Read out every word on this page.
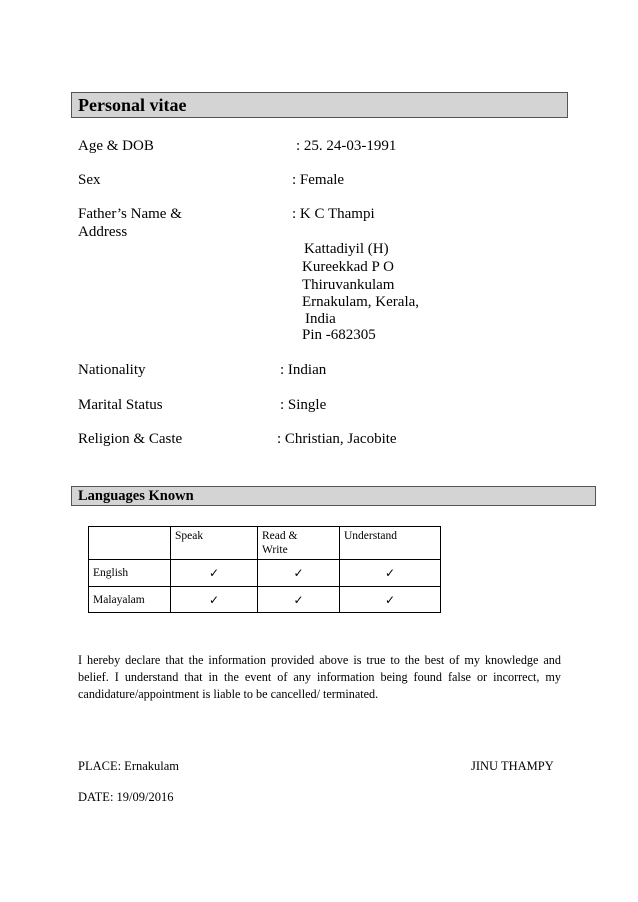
Personal vitae
Age & DOB	: 25. 24-03-1991
Sex	: Female
Father’s Name &
Address
: K C Thampi
Kattadiyil (H)
Kureekkad P O
Thiruvankulam
Ernakulam, Kerala,
India
Pin -682305
Nationality	: Indian
Marital Status	: Single
Religion & Caste	: Christian, Jacobite
Languages Known
	Speak	Read & Write	Understand
English	✓	✓	✓
Malayalam	✓	✓	✓
I hereby declare that the information provided above is true to the best of my knowledge and belief. I understand that in the event of any information being found false or incorrect, my candidature/appointment is liable to be cancelled/ terminated.
PLACE: Ernakulam	JINU THAMPY
DATE: 19/09/2016
